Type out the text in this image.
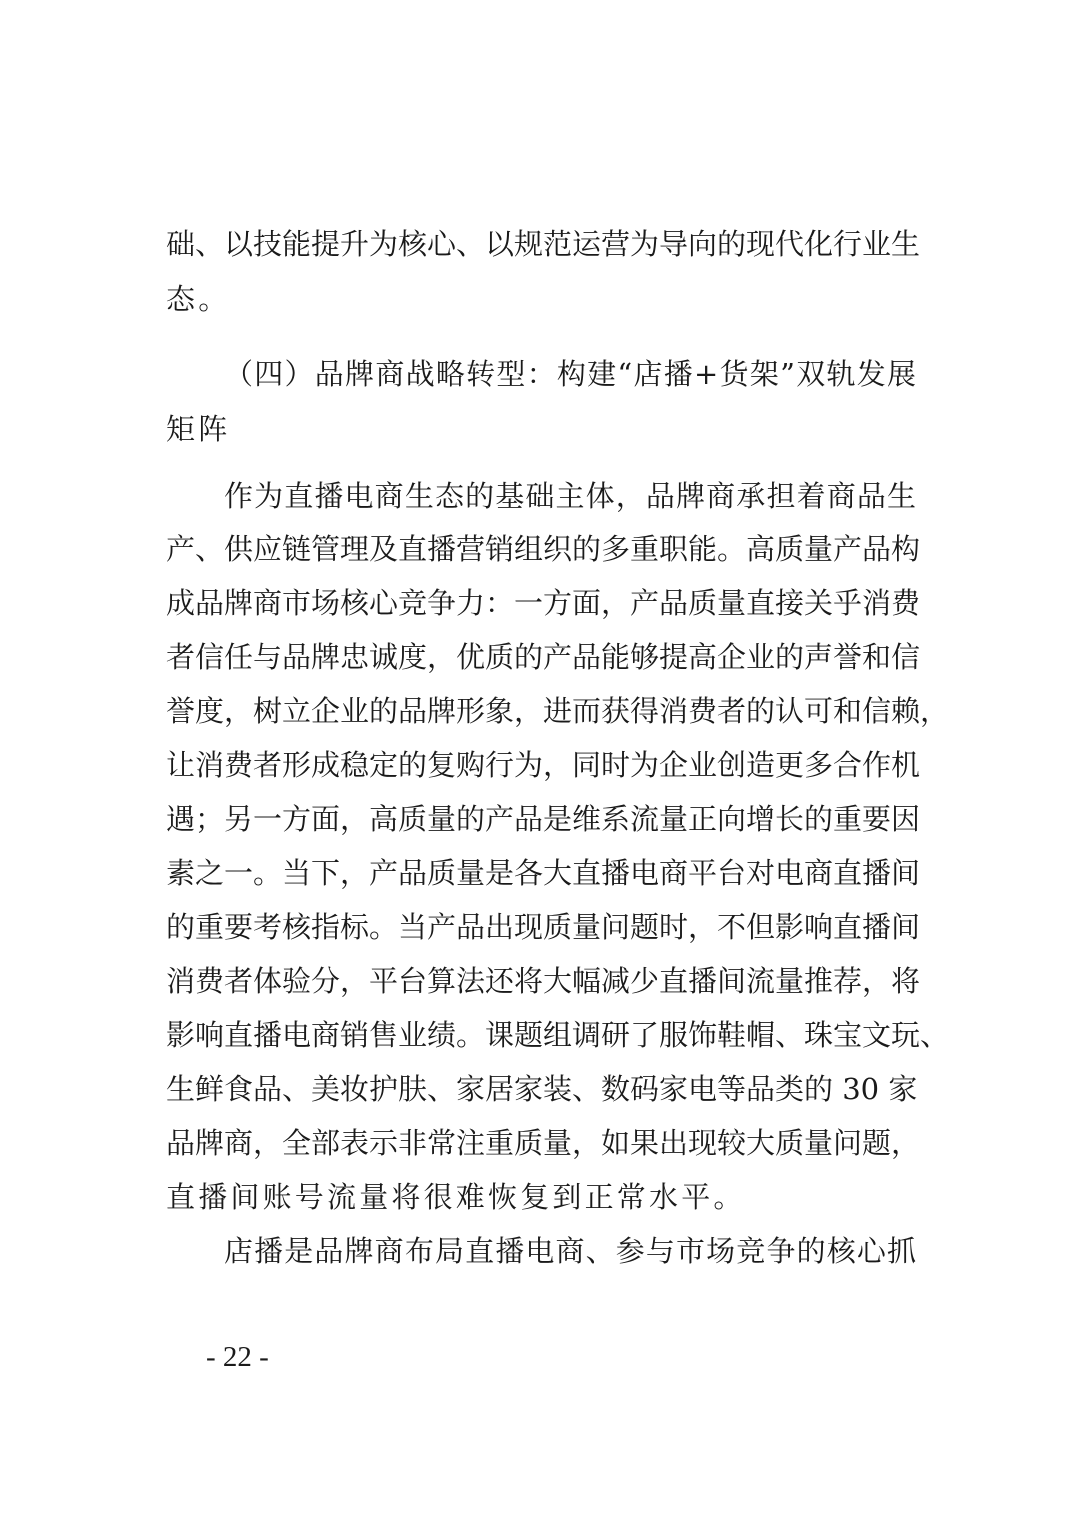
础、以技能提升为核心、以规范运营为导向的现代化行业生
态。
（四）品牌商战略转型：构建“店播+货架”双轨发展
矩阵
作为直播电商生态的基础主体，品牌商承担着商品生
产、供应链管理及直播营销组织的多重职能。高质量产品构
成品牌商市场核心竞争力：一方面，产品质量直接关乎消费
者信任与品牌忠诚度，优质的产品能够提高企业的声誉和信
誉度，树立企业的品牌形象，进而获得消费者的认可和信赖，
让消费者形成稳定的复购行为，同时为企业创造更多合作机
遇；另一方面，高质量的产品是维系流量正向增长的重要因
素之一。当下，产品质量是各大直播电商平台对电商直播间
的重要考核指标。当产品出现质量问题时，不但影响直播间
消费者体验分，平台算法还将大幅减少直播间流量推荐，将
影响直播电商销售业绩。课题组调研了服饰鞋帽、珠宝文玩、
生鲜食品、美妆护肤、家居家装、数码家电等品类的 30 家
品牌商，全部表示非常注重质量，如果出现较大质量问题，
直播间账号流量将很难恢复到正常水平。
店播是品牌商布局直播电商、参与市场竞争的核心抓
- 22 -
